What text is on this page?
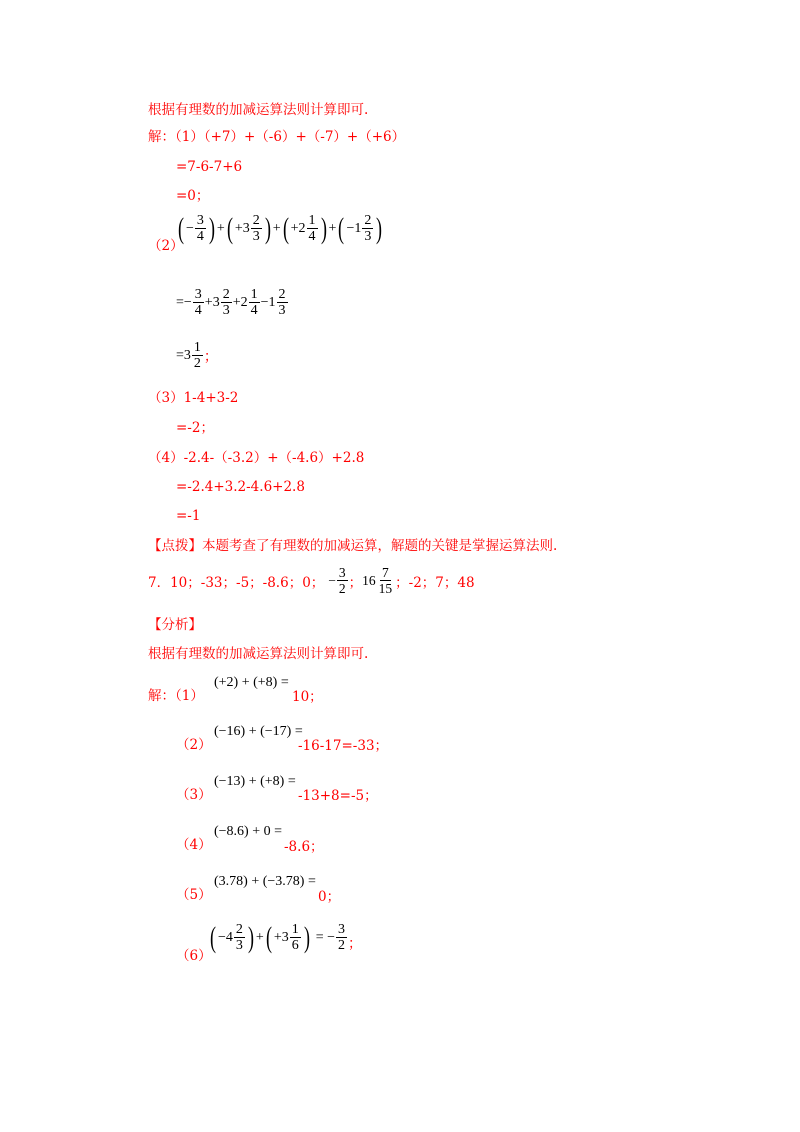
根据有理数的加减运算法则计算即可.
解：（1）（+7）+（-6）+（-7）+（+6）
=7-6-7+6
=0；
（2）
( − $\frac{3}{4}$ ) + ( $+3 \frac{2}{3}$ ) + ( $+2 \frac{1}{4}$ ) + ( $-1 \frac{2}{3}$ )
=− $\frac{3}{4} +3 \frac{2}{3} +2 \frac{1}{4} -1 \frac{2}{3}$
$=3 \frac{1}{2}$ ；
（3）1-4+3-2
=-2；
（4）-2.4-（-3.2）+（-4.6）+2.8
=-2.4+3.2-4.6+2.8
=-1
【点拨】本题考查了有理数的加减运算，解题的关键是掌握运算法则.
7．10；-33；-5；-8.6；0； − $\frac{3}{2}$ ； $16 \frac{7}{15}$ ；-2；7；48
【分析】
根据有理数的加减运算法则计算即可.
解：（1）
(+2) + (+8) =
10；
（2）
(−16) + (−17) =
-16-17=-33；
（3）
(−13) + (+8) =
-13+8=-5；
（4）
(−8.6) + 0 =
-8.6；
（5）
(3.78) + (−3.78) =
0；
（6）
( $-4 \frac{2}{3}$ ) + ( $+3 \frac{1}{6}$ ) = − $\frac{3}{2}$ ；
